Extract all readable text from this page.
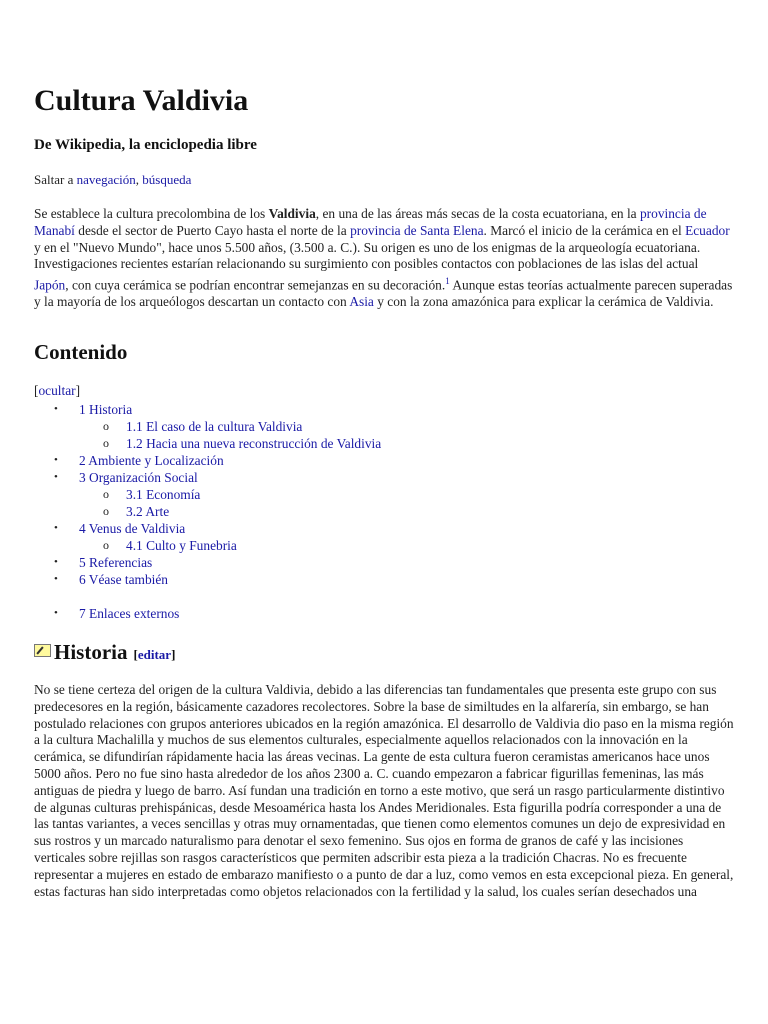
Cultura Valdivia
De Wikipedia, la enciclopedia libre
Saltar a navegación, búsqueda
Se establece la cultura precolombina de los Valdivia, en una de las áreas más secas de la costa ecuatoriana, en la provincia de Manabí desde el sector de Puerto Cayo hasta el norte de la provincia de Santa Elena. Marcó el inicio de la cerámica en el Ecuador y en el "Nuevo Mundo", hace unos 5.500 años, (3.500 a. C.). Su origen es uno de los enigmas de la arqueología ecuatoriana. Investigaciones recientes estarían relacionando su surgimiento con posibles contactos con poblaciones de las islas del actual Japón, con cuya cerámica se podrían encontrar semejanzas en su decoración.$^1$ Aunque estas teorías actualmente parecen superadas y la mayoría de los arqueólogos descartan un contacto con Asia y con la zona amazónica para explicar la cerámica de Valdivia.
Contenido
[ocultar]
• 1 Historia
o 1.1 El caso de la cultura Valdivia
o 1.2 Hacia una nueva reconstrucción de Valdivia
• 2 Ambiente y Localización
• 3 Organización Social
o 3.1 Economía
o 3.2 Arte
• 4 Venus de Valdivia
o 4.1 Culto y Funebria
• 5 Referencias
• 6 Véase también
• 7 Enlaces externos
Historia [editar]
No se tiene certeza del origen de la cultura Valdivia, debido a las diferencias tan fundamentales que presenta este grupo con sus predecesores en la región, básicamente cazadores recolectores. Sobre la base de similtudes en la alfarería, sin embargo, se han postulado relaciones con grupos anteriores ubicados en la región amazónica. El desarrollo de Valdivia dio paso en la misma región a la cultura Machalilla y muchos de sus elementos culturales, especialmente aquellos relacionados con la innovación en la cerámica, se difundirían rápidamente hacia las áreas vecinas. La gente de esta cultura fueron ceramistas americanos hace unos 5000 años. Pero no fue sino hasta alrededor de los años 2300 a. C. cuando empezaron a fabricar figurillas femeninas, las más antiguas de piedra y luego de barro. Así fundan una tradición en torno a este motivo, que será un rasgo particularmente distintivo de algunas culturas prehispánicas, desde Mesoamérica hasta los Andes Meridionales. Esta figurilla podría corresponder a una de las tantas variantes, a veces sencillas y otras muy ornamentadas, que tienen como elementos comunes un dejo de expresividad en sus rostros y un marcado naturalismo para denotar el sexo femenino. Sus ojos en forma de granos de café y las incisiones verticales sobre rejillas son rasgos característicos que permiten adscribir esta pieza a la tradición Chacras. No es frecuente representar a mujeres en estado de embarazo manifiesto o a punto de dar a luz, como vemos en esta excepcional pieza. En general, estas facturas han sido interpretadas como objetos relacionados con la fertilidad y la salud, los cuales serían desechados una
